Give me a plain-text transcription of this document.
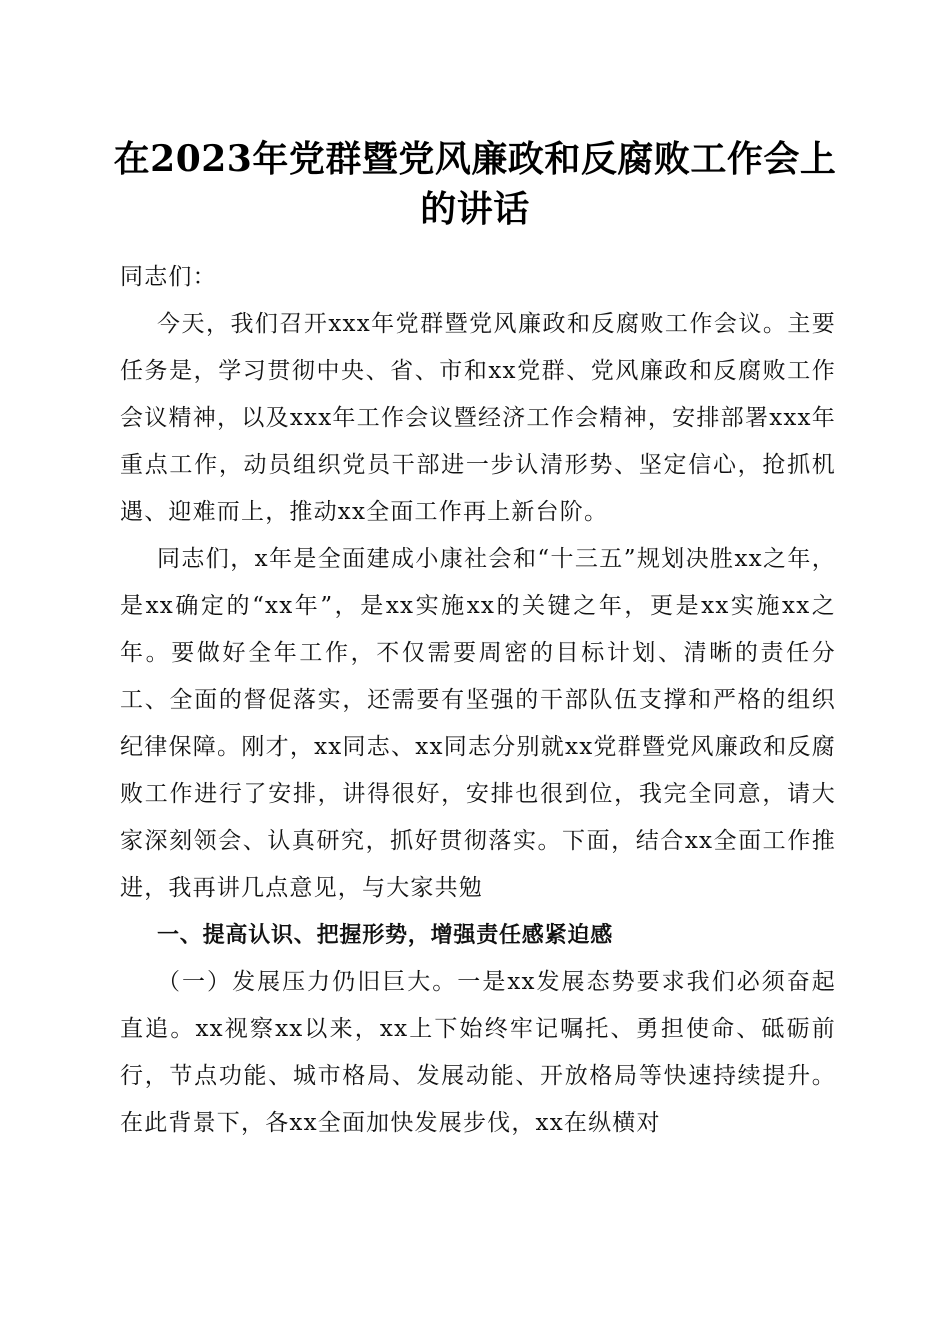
在2023年党群暨党风廉政和反腐败工作会上的讲话

同志们：

今天，我们召开xxx年党群暨党风廉政和反腐败工作会议。主要任务是，学习贯彻中央、省、市和xx党群、党风廉政和反腐败工作会议精神，以及xxx年工作会议暨经济工作会精神，安排部署xxx年重点工作，动员组织党员干部进一步认清形势、坚定信心，抢抓机遇、迎难而上，推动xx全面工作再上新台阶。

同志们，x年是全面建成小康社会和“十三五”规划决胜xx之年，是xx确定的“xx年”，是xx实施xx的关键之年，更是xx实施xx之年。要做好全年工作，不仅需要周密的目标计划、清晰的责任分工、全面的督促落实，还需要有坚强的干部队伍支撑和严格的组织纪律保障。刚才，xx同志、xx同志分别就xx党群暨党风廉政和反腐败工作进行了安排，讲得很好，安排也很到位，我完全同意，请大家深刻领会、认真研究，抓好贯彻落实。下面，结合xx全面工作推进，我再讲几点意见，与大家共勉

一、提高认识、把握形势，增强责任感紧迫感

（一）发展压力仍旧巨大。一是xx发展态势要求我们必须奋起直追。xx视察xx以来，xx上下始终牢记嘱托、勇担使命、砥砺前行，节点功能、城市格局、发展动能、开放格局等快速持续提升。在此背景下，各xx全面加快发展步伐，xx在纵横对
